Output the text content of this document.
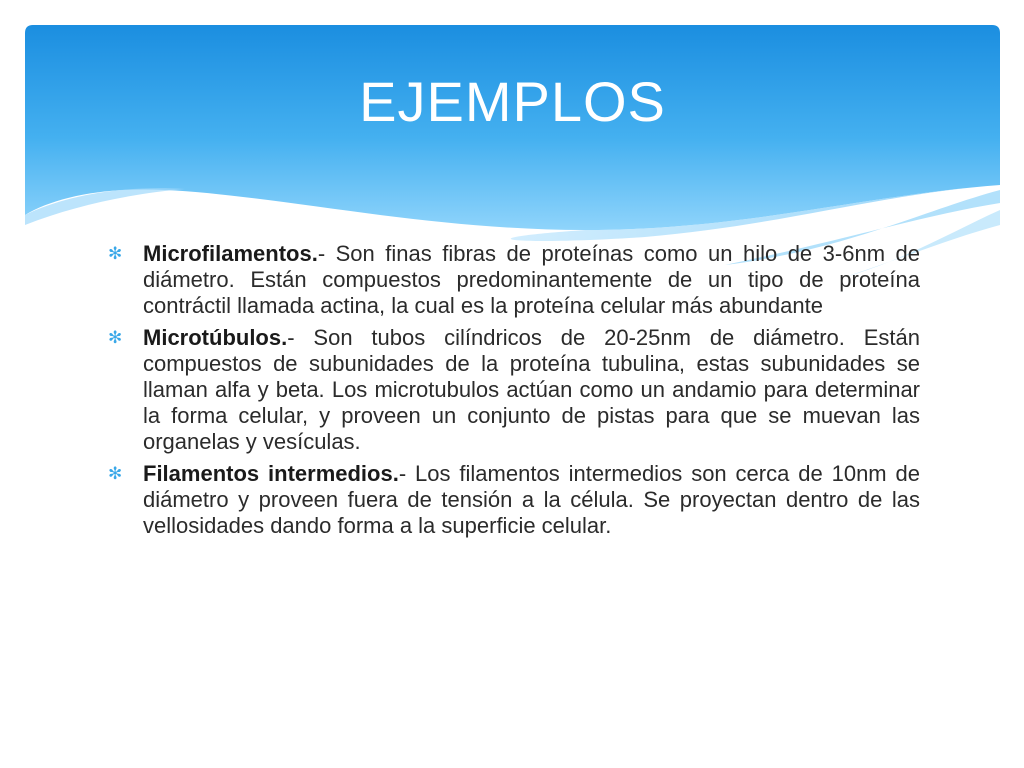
EJEMPLOS
✻ Microfilamentos.- Son finas fibras de proteínas como un hilo de 3-6nm de diámetro. Están compuestos predominantemente de un tipo de proteína contráctil llamada actina, la cual es la proteína celular más abundante
✻ Microtúbulos.- Son tubos cilíndricos de 20-25nm de diámetro. Están compuestos de subunidades de la proteína tubulina, estas subunidades se llaman alfa y beta. Los microtubulos actúan como un andamio para determinar la forma celular, y proveen un conjunto de pistas para que se muevan las organelas y vesículas.
✻ Filamentos intermedios.- Los filamentos intermedios son cerca de 10nm de diámetro y proveen fuera de tensión a la célula. Se proyectan dentro de las vellosidades dando forma a la superficie celular.
